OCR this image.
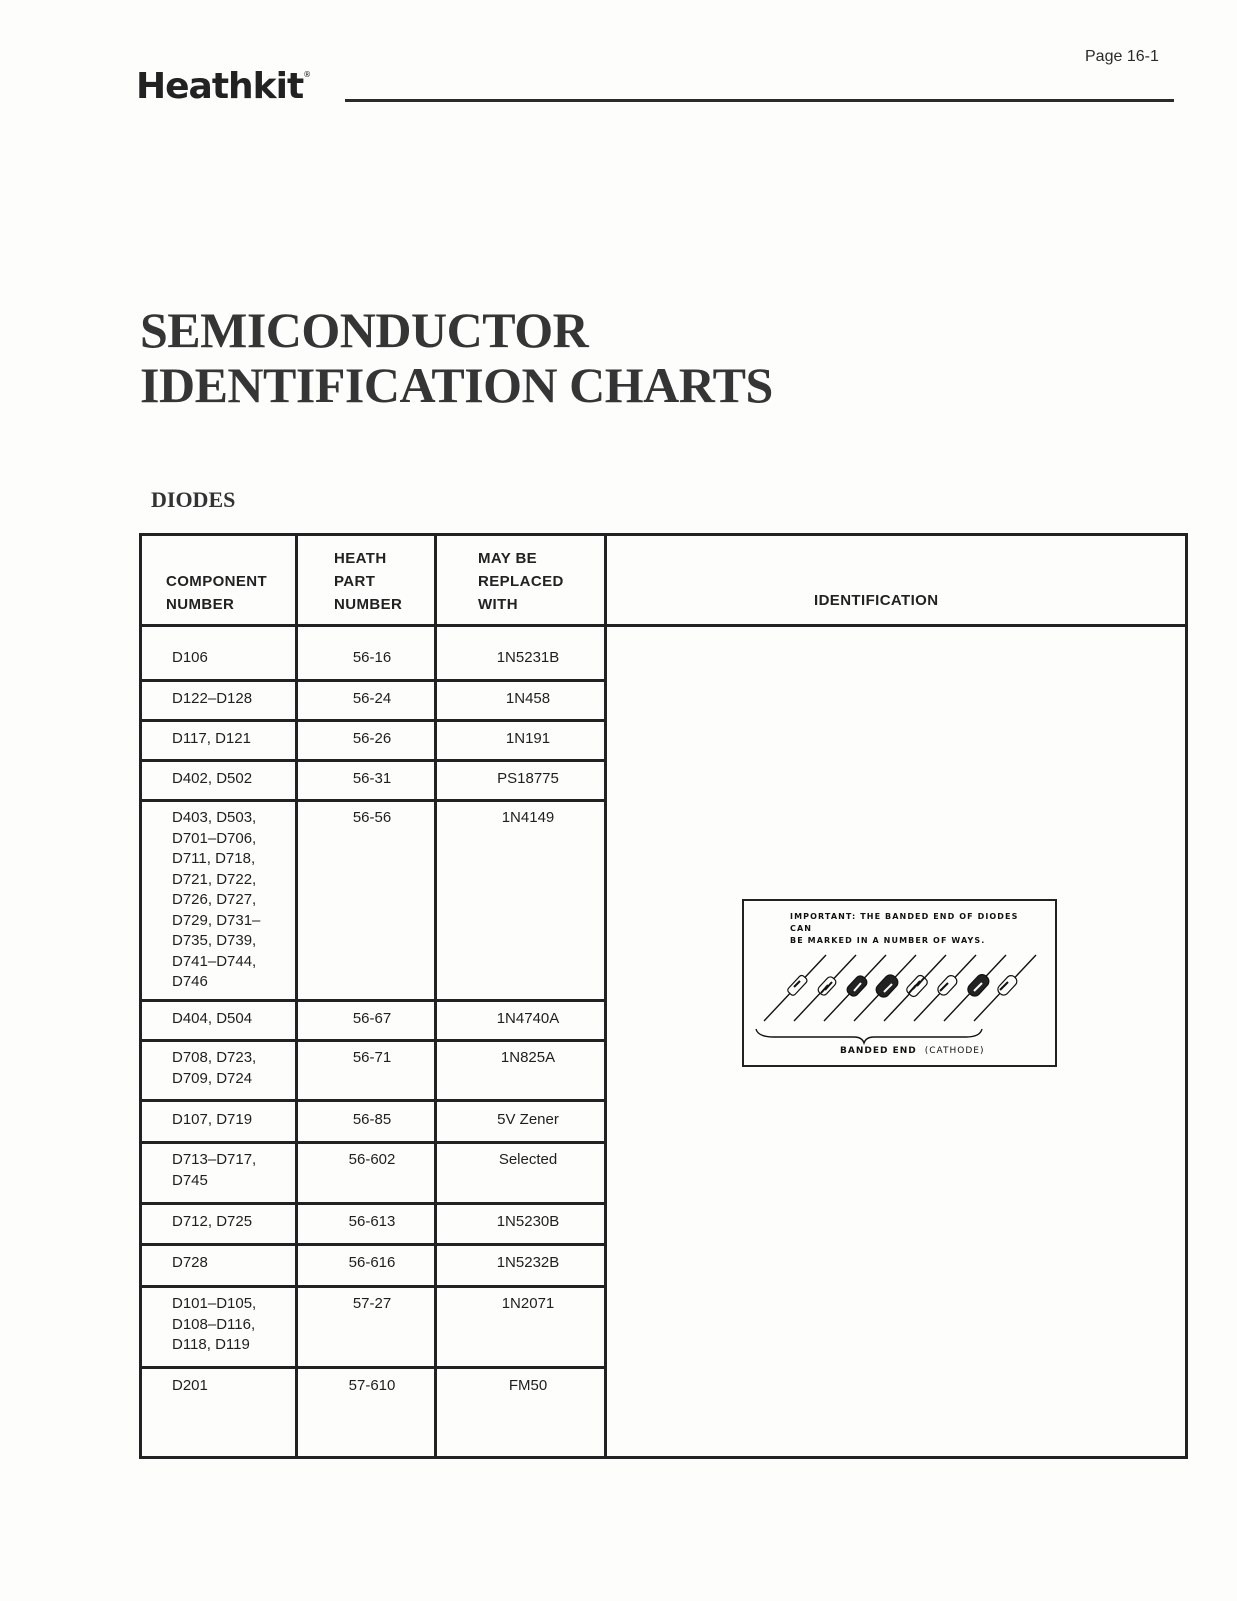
Page 16-1
Heathkit®
SEMICONDUCTOR
IDENTIFICATION CHARTS
DIODES
COMPONENT
NUMBER
HEATH
PART
NUMBER
MAY BE
REPLACED
WITH	IDENTIFICATION
D106	56-16	1N5231B
D122–D128	56-24	1N458
D117, D121	56-26	1N191
D402, D502	56-31	PS18775
D403, D503,
D701–D706,
D711, D718,
D721, D722,
D726, D727,
D729, D731–
D735, D739,
D741–D744,
D746
56-56	1N4149
D404, D504	56-67	1N4740A
D708, D723,
D709, D724
56-71	1N825A
D107, D719	56-85	5V Zener
D713–D717,
D745
56-602	Selected
D712, D725	56-613	1N5230B
D728	56-616	1N5232B
D101–D105,
D108–D116,
D118, D119
57-27	1N2071
D201	57-610	FM50
IMPORTANT: THE BANDED END OF DIODES CAN
BE MARKED IN A NUMBER OF WAYS.
BANDED END (CATHODE)
